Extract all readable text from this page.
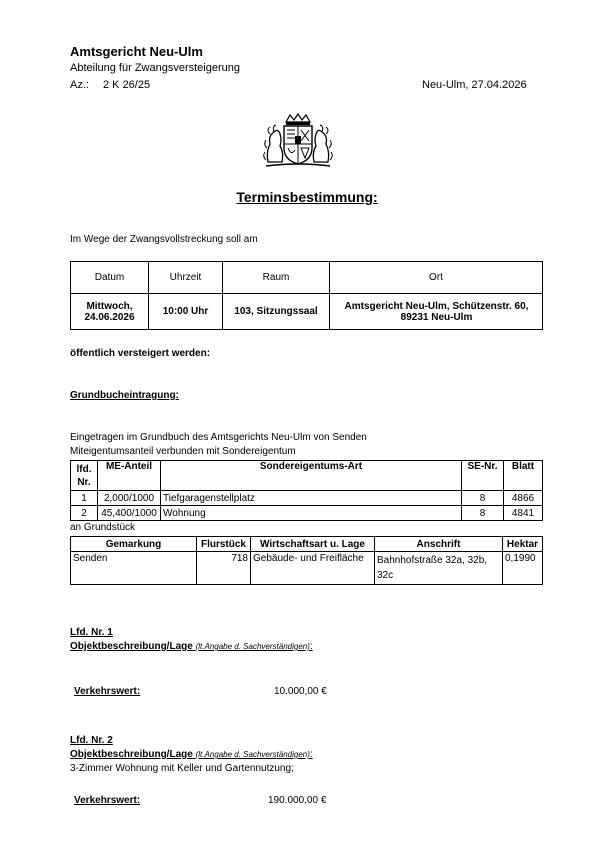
Amtsgericht Neu-Ulm
Abteilung für Zwangsversteigerung
Az.: 2 K 26/25	Neu-Ulm, 27.04.2026
Terminsbestimmung:
Im Wege der Zwangsvollstreckung soll am
Datum	Uhrzeit	Raum	Ort
Mittwoch,
24.06.2026	10:00 Uhr	103, Sitzungssaal	Amtsgericht Neu-Ulm, Schützenstr. 60, 89231 Neu-Ulm
öffentlich versteigert werden:
Grundbucheintragung:
Eingetragen im Grundbuch des Amtsgerichts Neu-Ulm von Senden
Miteigentumsanteil verbunden mit Sondereigentum
lfd. Nr.	ME-Anteil	Sondereigentums-Art	SE-Nr.	Blatt
1	2,000/1000	Tiefgaragenstellplatz	8	4866
2	45,400/1000	Wohnung	8	4841
an Grundstück
Gemarkung	Flurstück	Wirtschaftsart u. Lage	Anschrift	Hektar
Senden	718	Gebäude- und Freifläche	Bahnhofstraße 32a, 32b, 32c	0,1990
Lfd. Nr. 1
Objektbeschreibung/Lage (lt.Angabe d. Sachverständigen):
Verkehrswert:	10.000,00 €
Lfd. Nr. 2
Objektbeschreibung/Lage (lt.Angabe d. Sachverständigen):
3-Zimmer Wohnung mit Keller und Gartennutzung;
Verkehrswert:	190.000,00 €
